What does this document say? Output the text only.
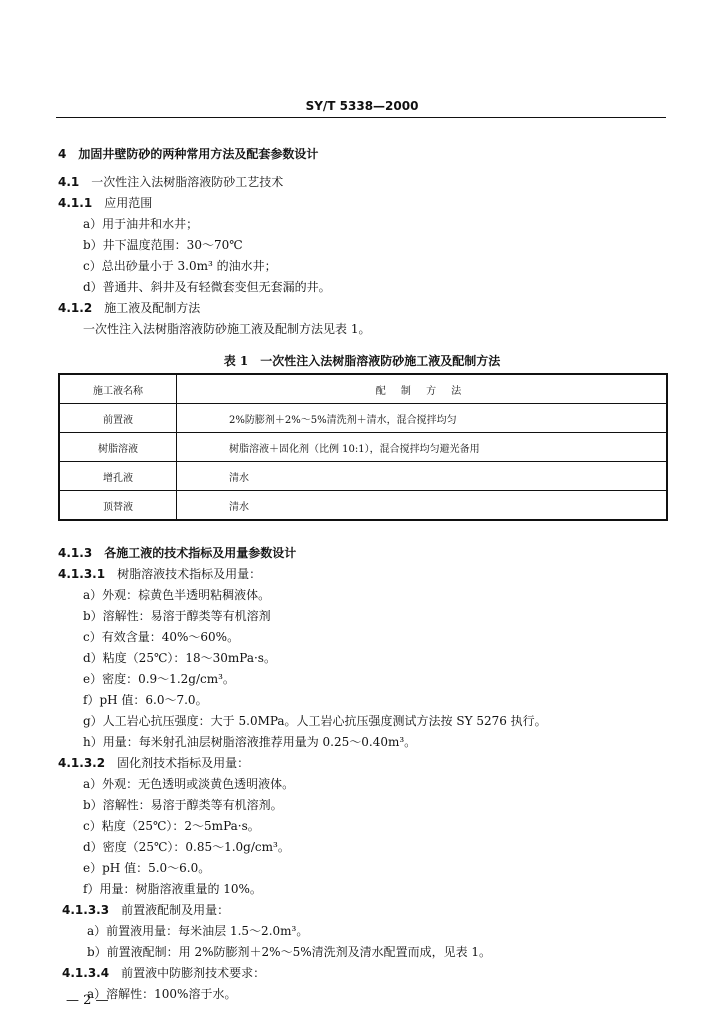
SY/T 5338—2000
4　 加固井壁防砂的两种常用方法及配套参数设计
4.1　 一次性注入法树脂溶液防砂工艺技术
4.1.1　 应用范围
a）用于油井和水井；
b）井下温度范围：30～70℃
c）总出砂量小于 3.0m³ 的油水井；
d）普通井、斜井及有轻微套变但无套漏的井。
4.1.2　 施工液及配制方法
一次性注入法树脂溶液防砂施工液及配制方法见表 1。
表 1　一次性注入法树脂溶液防砂施工液及配制方法
施工液名称	配 制 方 法
前置液	2%防膨剂＋2%～5%清洗剂＋清水，混合搅拌均匀
树脂溶液	树脂溶液＋固化剂（比例 10:1），混合搅拌均匀避光备用
增孔液	清水
顶替液	清水
4.1.3　 各施工液的技术指标及用量参数设计
4.1.3.1　 树脂溶液技术指标及用量：
a）外观：棕黄色半透明粘稠液体。
b）溶解性：易溶于醇类等有机溶剂
c）有效含量：40%～60%。
d）粘度（25℃）：18～30mPa·s。
e）密度：0.9～1.2g/cm³。
f）pH 值：6.0～7.0。
g）人工岩心抗压强度：大于 5.0MPa。人工岩心抗压强度测试方法按 SY 5276 执行。
h）用量：每米射孔油层树脂溶液推荐用量为 0.25～0.40m³。
4.1.3.2　 固化剂技术指标及用量：
a）外观：无色透明或淡黄色透明液体。
b）溶解性：易溶于醇类等有机溶剂。
c）粘度（25℃）：2～5mPa·s。
d）密度（25℃）：0.85～1.0g/cm³。
e）pH 值：5.0～6.0。
f）用量：树脂溶液重量的 10%。
4.1.3.3　 前置液配制及用量：
a）前置液用量：每米油层 1.5～2.0m³。
b）前置液配制：用 2%防膨剂＋2%～5%清洗剂及清水配置而成，见表 1。
4.1.3.4　 前置液中防膨剂技术要求：
a）溶解性：100%溶于水。
— 2 —
